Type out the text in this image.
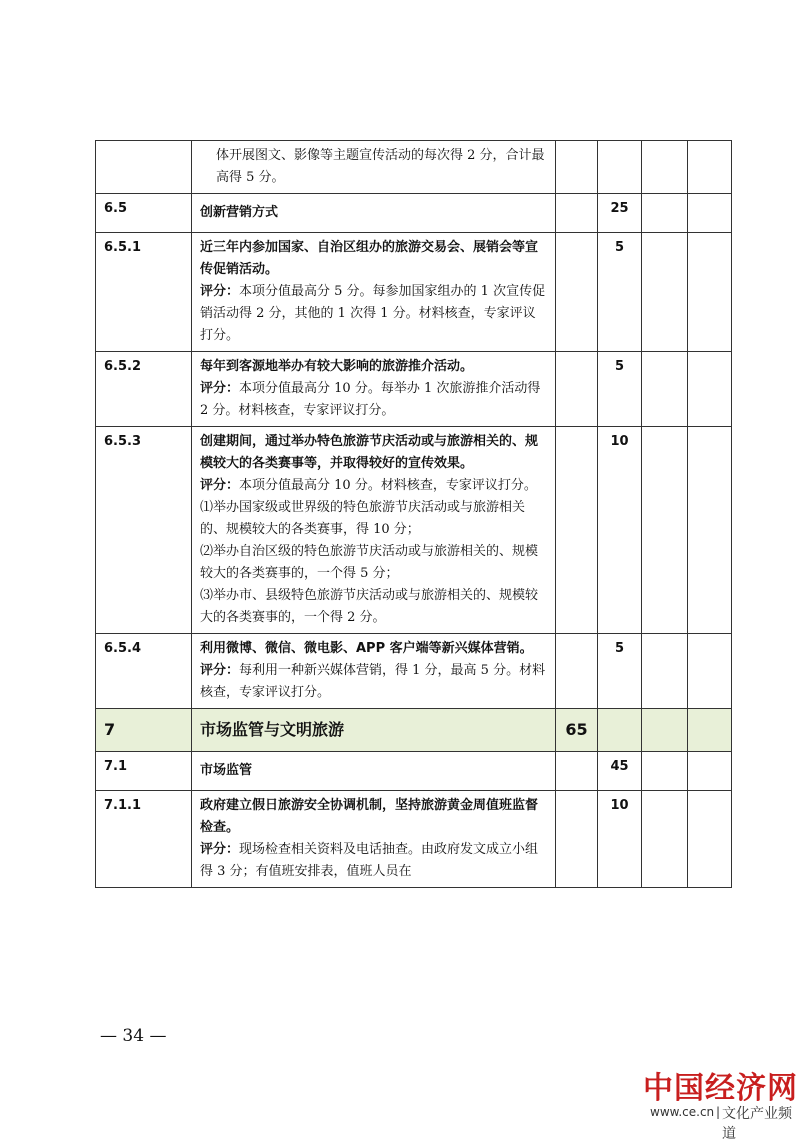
	体开展图文、影像等主题宣传活动的每次得 2 分，合计最高得 5 分。				

6.5	创新营销方式		25		
6.5.1	近三年内参加国家、自治区组办的旅游交易会、展销会等宣传促销活动。
评分：本项分值最高分 5 分。每参加国家组办的 1 次宣传促销活动得 2 分，其他的 1 次得 1 分。材料核查，专家评议打分。		5		
6.5.2	每年到客源地举办有较大影响的旅游推介活动。
评分：本项分值最高分 10 分。每举办 1 次旅游推介活动得 2 分。材料核查，专家评议打分。		5		
6.5.3	创建期间，通过举办特色旅游节庆活动或与旅游相关的、规模较大的各类赛事等，并取得较好的宣传效果。
评分：本项分值最高分 10 分。材料核查，专家评议打分。
⑴举办国家级或世界级的特色旅游节庆活动或与旅游相关的、规模较大的各类赛事，得 10 分；
⑵举办自治区级的特色旅游节庆活动或与旅游相关的、规模较大的各类赛事的，一个得 5 分；
⑶举办市、县级特色旅游节庆活动或与旅游相关的、规模较大的各类赛事的，一个得 2 分。		10		
6.5.4	利用微博、微信、微电影、APP 客户端等新兴媒体营销。
评分：每利用一种新兴媒体营销，得 1 分，最高 5 分。材料核查，专家评议打分。		5		
7	市场监管与文明旅游	65			
7.1	市场监管		45		
7.1.1	政府建立假日旅游安全协调机制，坚持旅游黄金周值班监督检查。
评分：现场检查相关资料及电话抽查。由政府发文成立小组得 3 分；有值班安排表，值班人员在		10		
— 34 —
中国经济网
www.ce.cn | 文化产业频道
